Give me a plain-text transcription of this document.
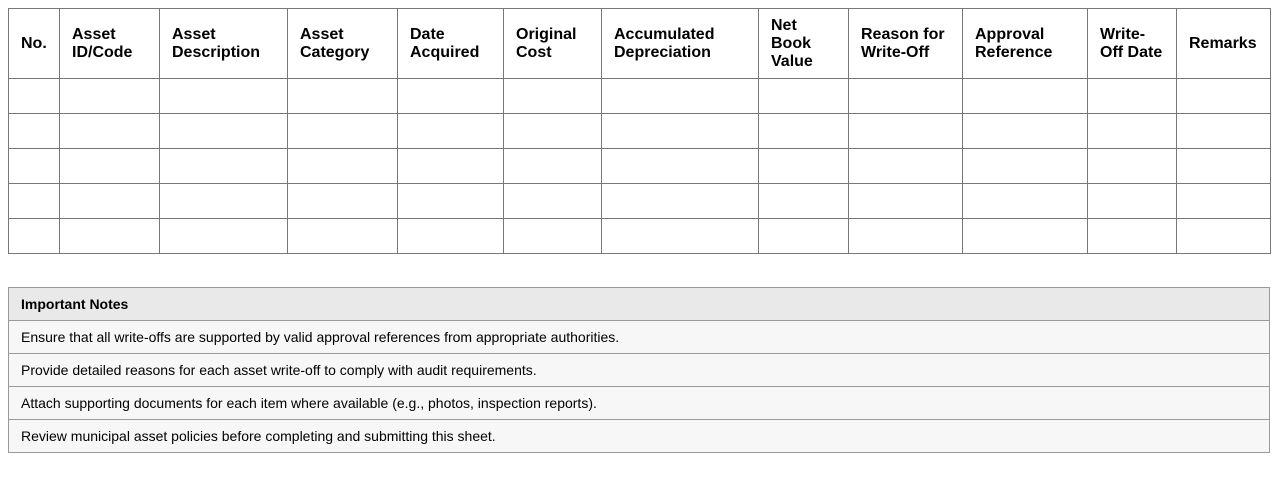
No.	Asset ID/Code	Asset Description	Asset Category	Date Acquired	Original Cost	Accumulated Depreciation	Net Book Value	Reason for Write-Off	Approval Reference	Write-Off Date	Remarks

Important Notes
Ensure that all write-offs are supported by valid approval references from appropriate authorities.
Provide detailed reasons for each asset write-off to comply with audit requirements.
Attach supporting documents for each item where available (e.g., photos, inspection reports).
Review municipal asset policies before completing and submitting this sheet.
